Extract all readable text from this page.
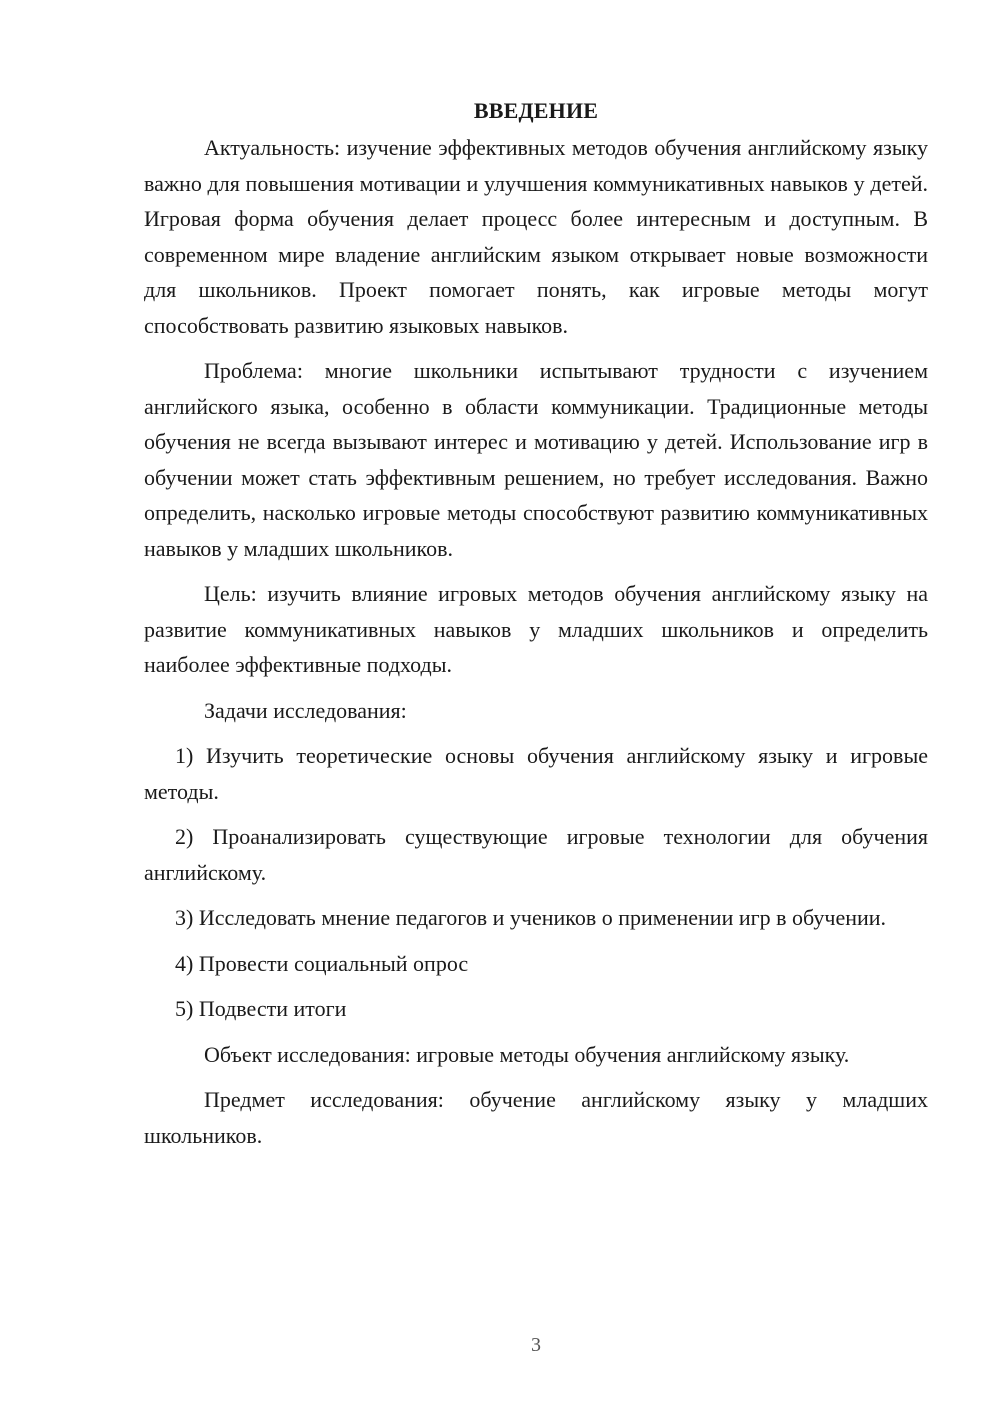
ВВЕДЕНИЕ

Актуальность: изучение эффективных методов обучения английскому языку важно для повышения мотивации и улучшения коммуникативных навыков у детей. Игровая форма обучения делает процесс более интересным и доступным. В современном мире владение английским языком открывает новые возможности для школьников. Проект помогает понять, как игровые методы могут способствовать развитию языковых навыков.

Проблема: многие школьники испытывают трудности с изучением английского языка, особенно в области коммуникации. Традиционные методы обучения не всегда вызывают интерес и мотивацию у детей. Использование игр в обучении может стать эффективным решением, но требует исследования. Важно определить, насколько игровые методы способствуют развитию коммуникативных навыков у младших школьников.

Цель: изучить влияние игровых методов обучения английскому языку на развитие коммуникативных навыков у младших школьников и определить наиболее эффективные подходы.

Задачи исследования:

1) Изучить теоретические основы обучения английскому языку и игровые методы.

2) Проанализировать существующие игровые технологии для обучения английскому.

3) Исследовать мнение педагогов и учеников о применении игр в обучении.

4) Провести социальный опрос

5) Подвести итоги

Объект исследования: игровые методы обучения английскому языку.

Предмет исследования: обучение английскому языку у младших школьников.

3
